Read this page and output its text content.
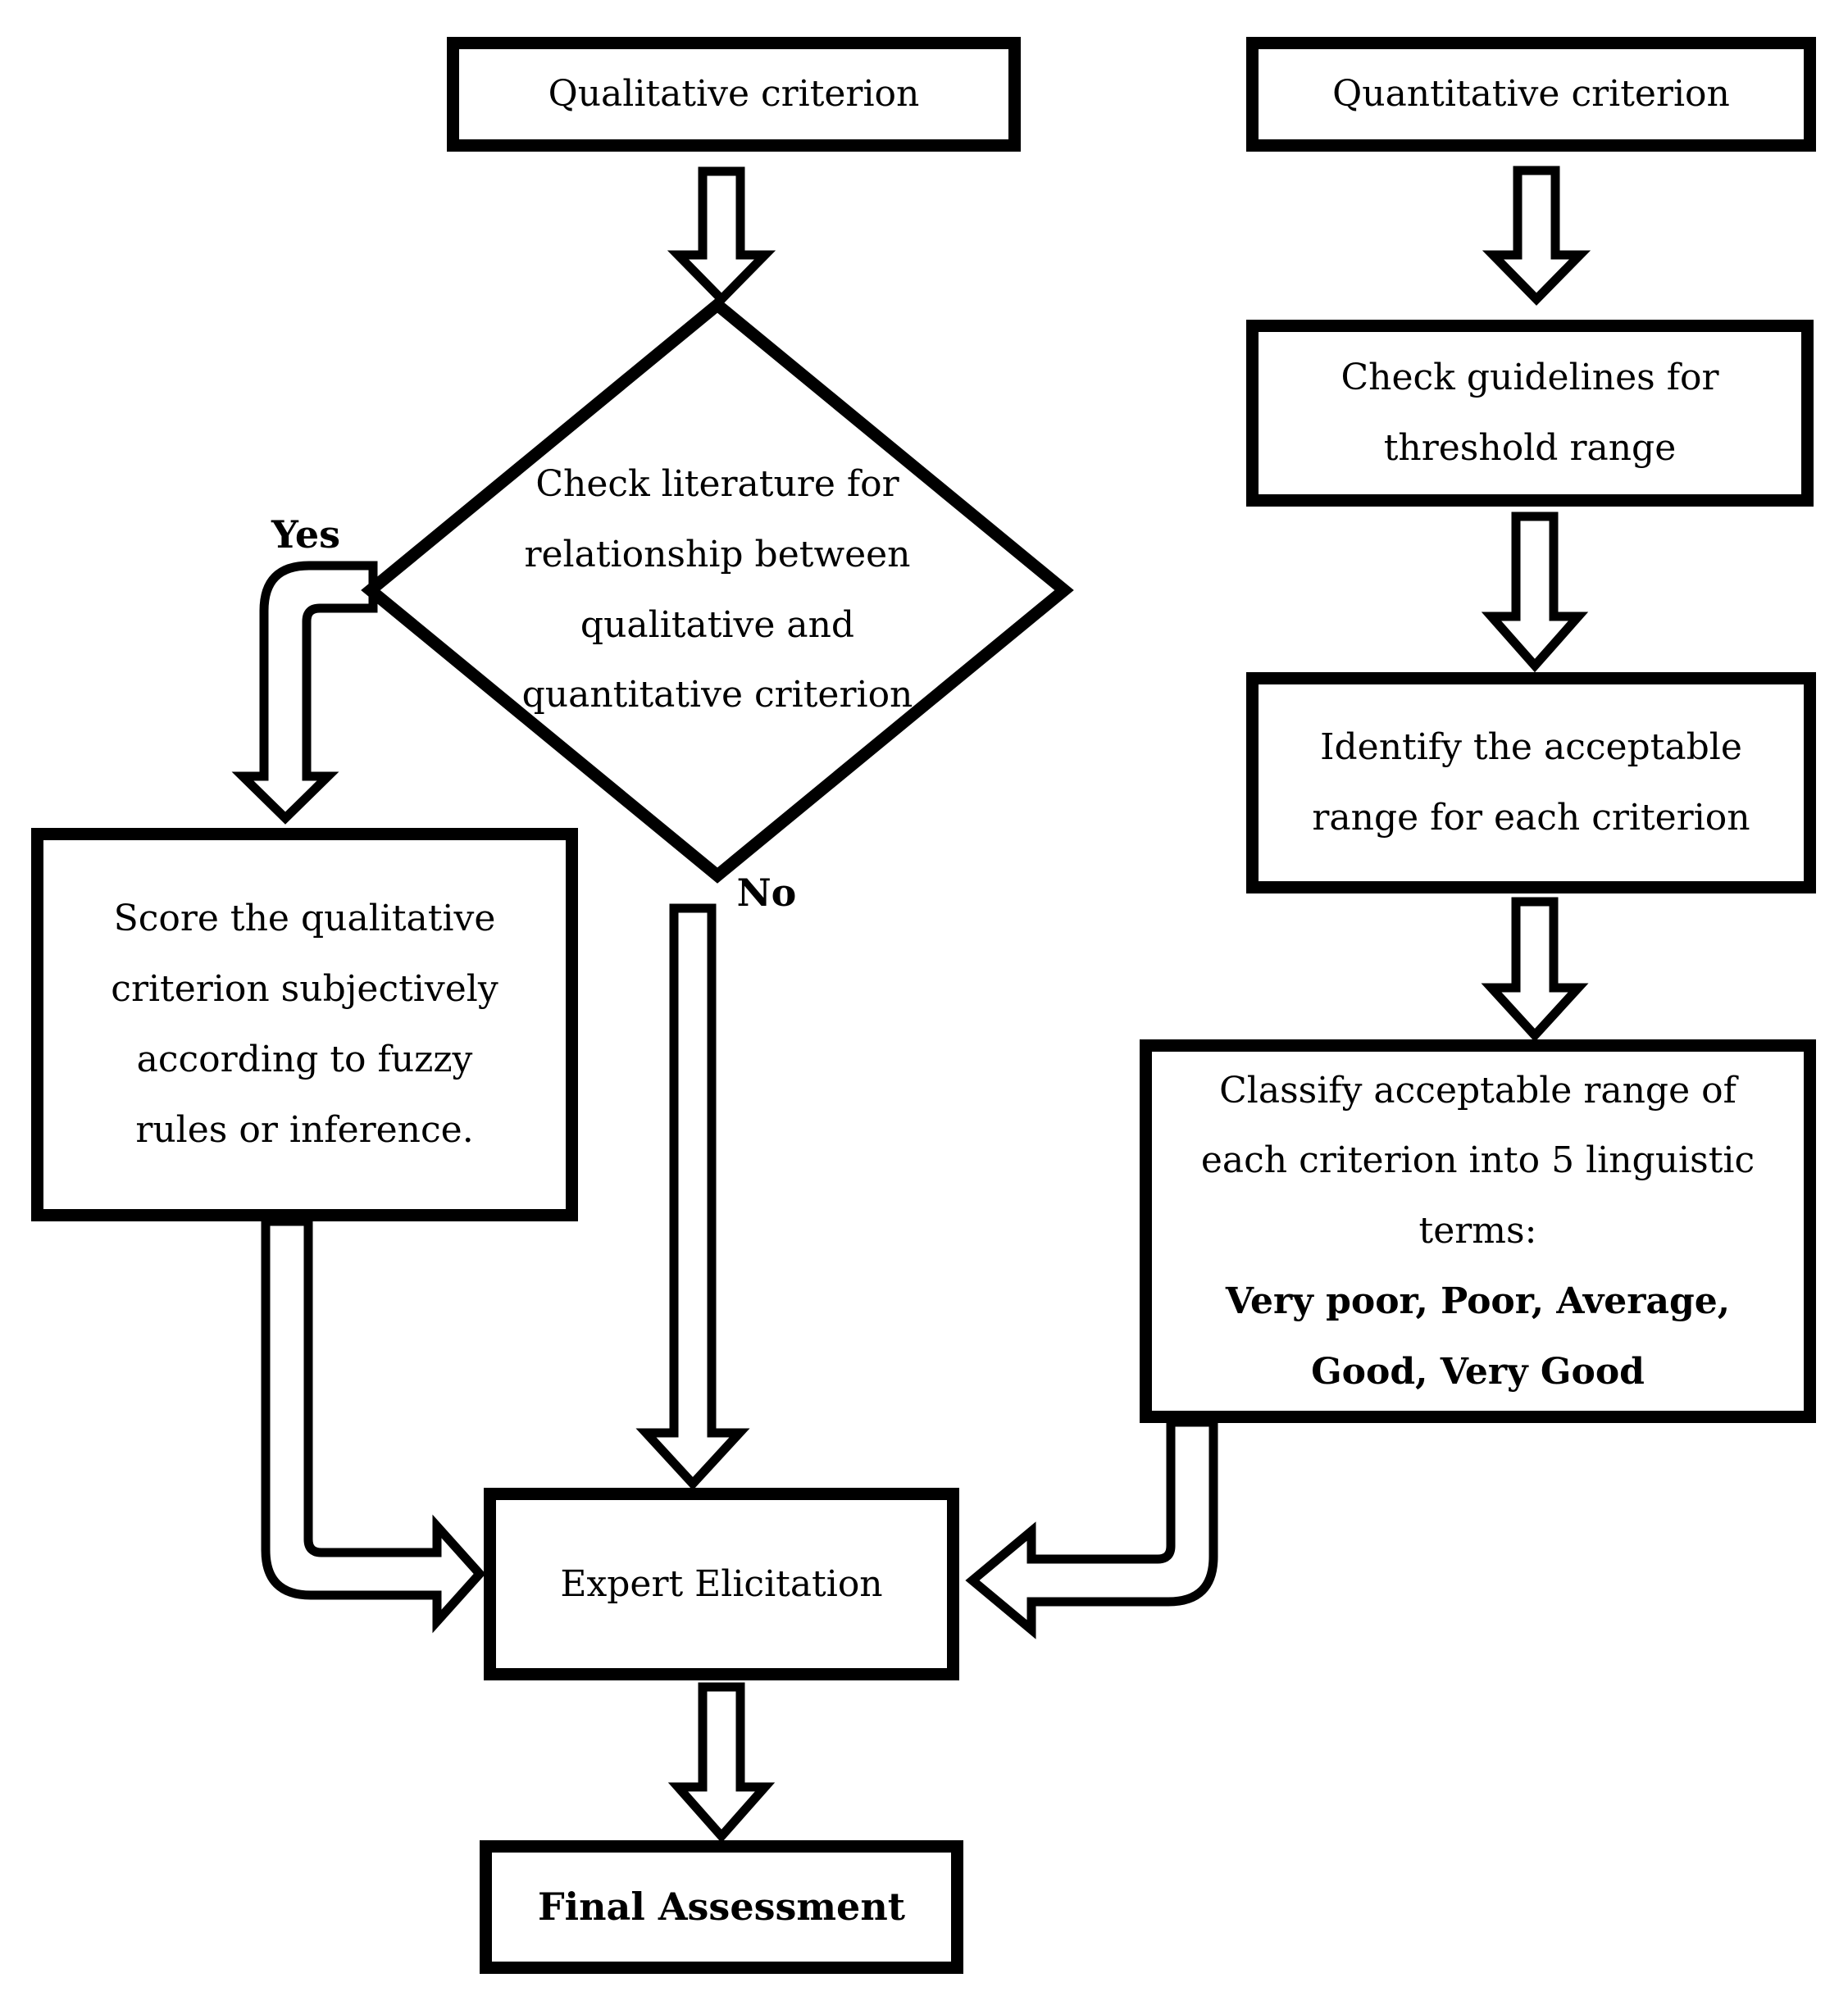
Qualitative criterion	Quantitative criterion
Check guidelines for
threshold range
Identify the acceptable
range for each criterion
Classify acceptable range of
each criterion into 5 linguistic
terms:
Very poor, Poor, Average,
Good, Very Good
Score the qualitative
criterion subjectively
according to fuzzy
rules or inference.
Expert Elicitation
Final Assessment
Check literature for
relationship between
qualitative and
quantitative criterion
Yes
No
